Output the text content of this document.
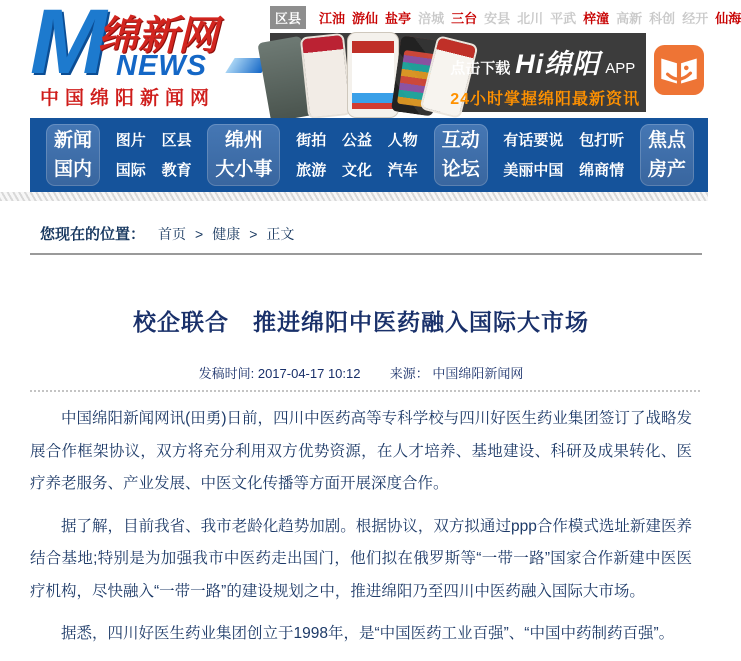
M
绵新网
NEWS
中国绵阳新闻网
区县	江油 游仙 盐亭 涪城 三台 安县 北川 平武 梓潼 高新 科创 经开 仙海
点击下载 Hi绵阳 APP
24小时掌握绵阳最新资讯
新闻
国内
图片
国际
区县
教育
绵州
大小事
街拍
旅游
公益
文化
人物
汽车
互动
论坛
有话要说
美丽中国
包打听
绵商情
焦点
房产
您现在的位置： 首页 > 健康 > 正文
校企联合　推进绵阳中医药融入国际大市场
发稿时间: 2017-04-17 10:12 来源： 中国绵阳新闻网

中国绵阳新闻网讯(田勇)日前，四川中医药高等专科学校与四川好医生药业集团签订了战略发展合作框架协议，双方将充分利用双方优势资源，在人才培养、基地建设、科研及成果转化、医疗养老服务、产业发展、中医文化传播等方面开展深度合作。

据了解，目前我省、我市老龄化趋势加剧。根据协议，双方拟通过ppp合作模式选址新建医养结合基地;特别是为加强我市中医药走出国门，他们拟在俄罗斯等“一带一路”国家合作新建中医医疗机构，尽快融入“一带一路”的建设规划之中，推进绵阳乃至四川中医药融入国际大市场。

据悉，四川好医生药业集团创立于1998年，是“中国医药工业百强”、“中国中药制药百强”。
